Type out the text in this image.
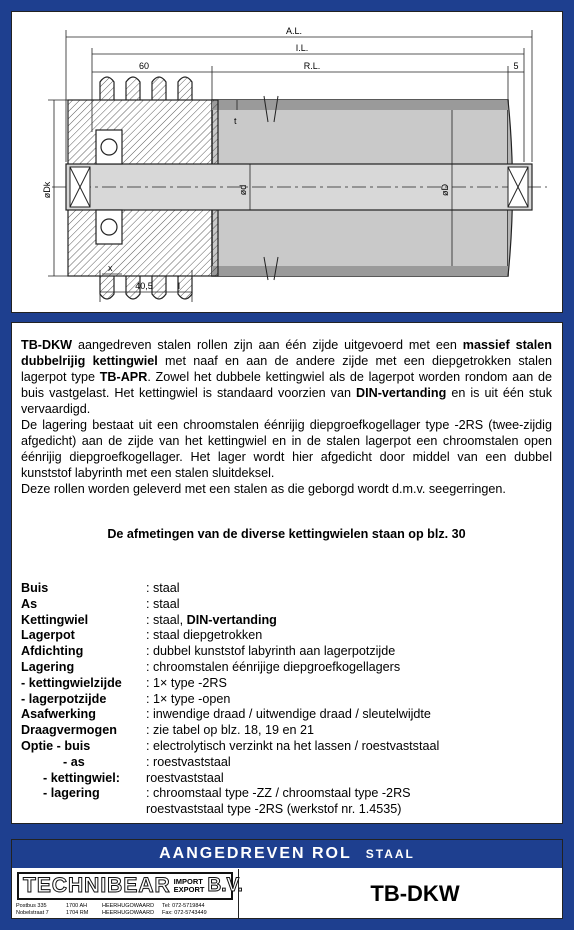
A.L.
I.L.
R.L.
60	5
t
øDk	ød	øD
x
40,5	l

TB-DKW aangedreven stalen rollen zijn aan één zijde uitgevoerd met een massief stalen dubbelrijig kettingwiel met naaf en aan de andere zijde met een diepgetrokken stalen lagerpot type TB-APR. Zowel het dubbele kettingwiel als de lagerpot worden rondom aan de buis vastgelast. Het kettingwiel is standaard voorzien van DIN-vertanding en is uit één stuk vervaardigd.

De lagering bestaat uit een chroomstalen éénrijig diepgroefkogellager type -2RS (twee-zijdig afgedicht) aan de zijde van het kettingwiel en in de stalen lagerpot een chroomstalen open éénrijig diepgroefkogellager. Het lager wordt hier afgedicht door middel van een dubbel kunststof labyrinth met een stalen sluitdeksel.

Deze rollen worden geleverd met een stalen as die geborgd wordt d.m.v. seegerringen.

De afmetingen van de diverse kettingwielen staan op blz. 30

Buis	: staal
As	: staal
Kettingwiel	: staal, DIN-vertanding
Lagerpot	: staal diepgetrokken
Afdichting	: dubbel kunststof labyrinth aan lagerpotzijde
Lagering	: chroomstalen éénrijige diepgroefkogellagers
- kettingwielzijde	: 1× type -2RS
- lagerpotzijde	: 1× type -open
Asafwerking	: inwendige draad / uitwendige draad / sleutelwijdte
Draagvermogen	: zie tabel op blz. 18, 19 en 21
Optie - buis	: electrolytisch verzinkt na het lassen / roestvaststaal
- as	: roestvaststaal
- kettingwiel:	roestvaststaal
- lagering	: chroomstaal type -ZZ / chroomstaal type -2RS
roestvaststaal type -2RS (werkstof nr. 1.4535)
AANGEDREVEN ROL STAAL
TECHNIBEAR IMPORT
EXPORT B.V.
Postbus 335	1700 AH	HEERHUGOWAARD	Tel: 072-5719844
Nobelstraat 7	1704 RM	HEERHUGOWAARD	Fax: 072-5743449
TB-DKW
